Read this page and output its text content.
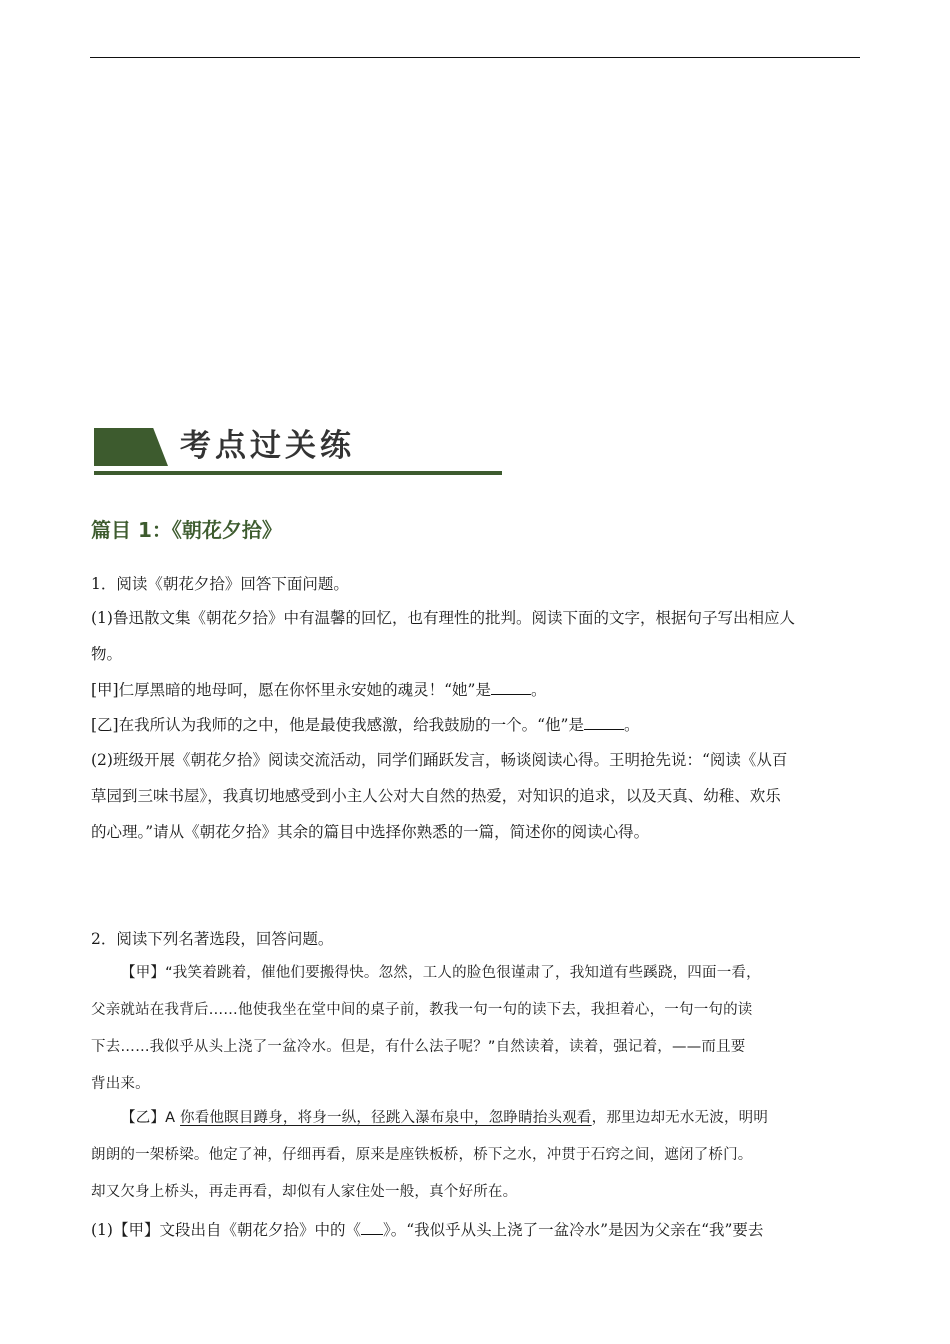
考点过关练
篇目 1：《朝花夕拾》
1．阅读《朝花夕拾》回答下面问题。
(1)鲁迅散文集《朝花夕拾》中有温馨的回忆，也有理性的批判。阅读下面的文字，根据句子写出相应人
物。
[甲]仁厚黑暗的地母呵，愿在你怀里永安她的魂灵！“她”是	。
[乙]在我所认为我师的之中，他是最使我感激，给我鼓励的一个。“他”是	。
(2)班级开展《朝花夕拾》阅读交流活动，同学们踊跃发言，畅谈阅读心得。王明抢先说：“阅读《从百
草园到三味书屋》，我真切地感受到小主人公对大自然的热爱，对知识的追求，以及天真、幼稚、欢乐
的心理。”请从《朝花夕拾》其余的篇目中选择你熟悉的一篇，简述你的阅读心得。
2．阅读下列名著选段，回答问题。
【甲】“我笑着跳着，催他们要搬得快。忽然，工人的脸色很谨肃了，我知道有些蹊跷，四面一看，
父亲就站在我背后……他使我坐在堂中间的桌子前，教我一句一句的读下去，我担着心，一句一句的读
下去……我似乎从头上浇了一盆冷水。但是，有什么法子呢？”自然读着，读着，强记着，——而且要
背出来。
【乙】A 你看他瞑目蹲身，将身一纵，径跳入瀑布泉中，忽睁睛抬头观看，那里边却无水无波，明明
朗朗的一架桥梁。他定了神，仔细再看，原来是座铁板桥，桥下之水，冲贯于石窍之间，遮闭了桥门。
却又欠身上桥头，再走再看，却似有人家住处一般，真个好所在。
(1)【甲】文段出自《朝花夕拾》中的《 》。“我似乎从头上浇了一盆冷水”是因为父亲在“我”要去
